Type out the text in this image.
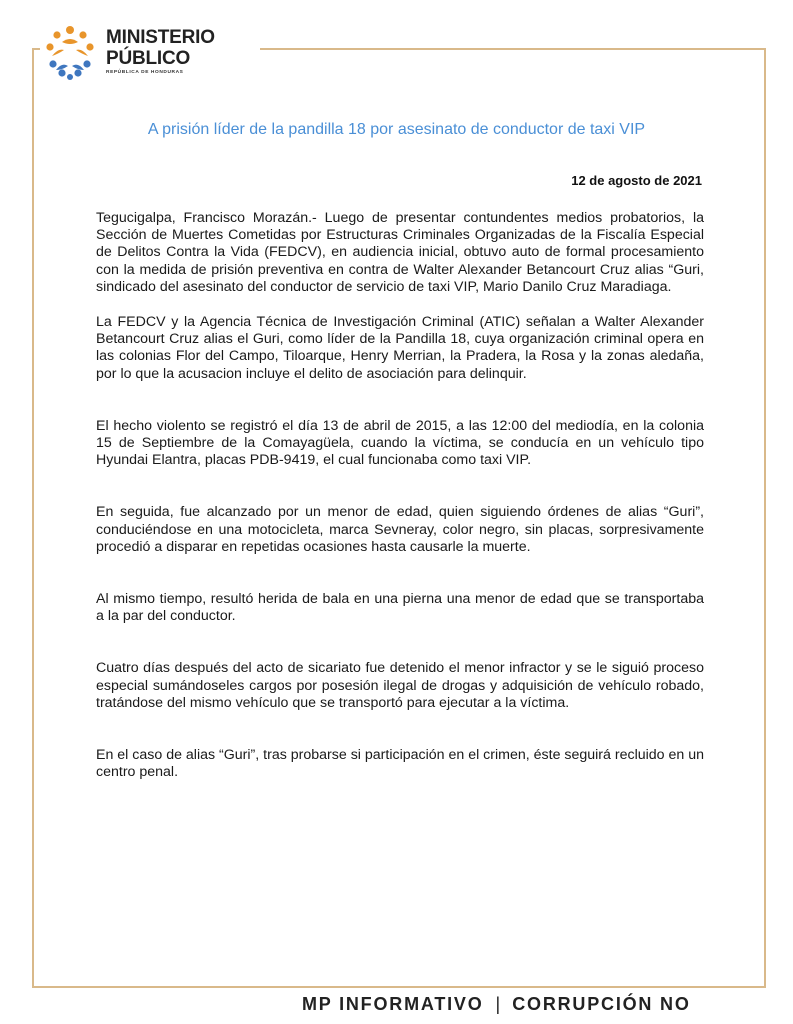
MINISTERIO
PÚBLICO
REPÚBLICA DE HONDURAS
A prisión líder de la pandilla 18 por asesinato de conductor de taxi VIP
12 de agosto de 2021

Tegucigalpa, Francisco Morazán.- Luego de presentar contundentes medios probatorios, la Sección de Muertes Cometidas por Estructuras Criminales Organizadas de la Fiscalía Especial de Delitos Contra la Vida (FEDCV), en audiencia inicial, obtuvo auto de formal procesamiento con la medida de prisión preventiva en contra de Walter Alexander Betancourt Cruz alias “Guri, sindicado del asesinato del conductor de servicio de taxi VIP, Mario Danilo Cruz Maradiaga.

La FEDCV y la Agencia Técnica de Investigación Criminal (ATIC) señalan a Walter Alexander Betancourt Cruz alias el Guri, como líder de la Pandilla 18, cuya organización criminal opera en las colonias Flor del Campo, Tiloarque, Henry Merrian, la Pradera, la Rosa y la zonas aledaña, por lo que la acusacion incluye el delito de asociación para delinquir.

El hecho violento se registró el día 13 de abril de 2015, a las 12:00 del mediodía, en la colonia 15 de Septiembre de la Comayagüela, cuando la víctima, se conducía en un vehículo tipo Hyundai Elantra, placas PDB-9419, el cual funcionaba como taxi VIP.

En seguida, fue alcanzado por un menor de edad, quien siguiendo órdenes de alias “Guri”, conduciéndose en una motocicleta, marca Sevneray, color negro, sin placas, sorpresivamente procedió a disparar en repetidas ocasiones hasta causarle la muerte.

Al mismo tiempo, resultó herida de bala en una pierna una menor de edad que se transportaba a la par del conductor.

Cuatro días después del acto de sicariato fue detenido el menor infractor y se le siguió proceso especial sumándoseles cargos por posesión ilegal de drogas y adquisición de vehículo robado, tratándose del mismo vehículo que se transportó para ejecutar a la víctima.

En el caso de alias “Guri”, tras probarse si participación en el crimen, éste seguirá recluido en un centro penal.

MP INFORMATIVO | CORRUPCIÓN NO
